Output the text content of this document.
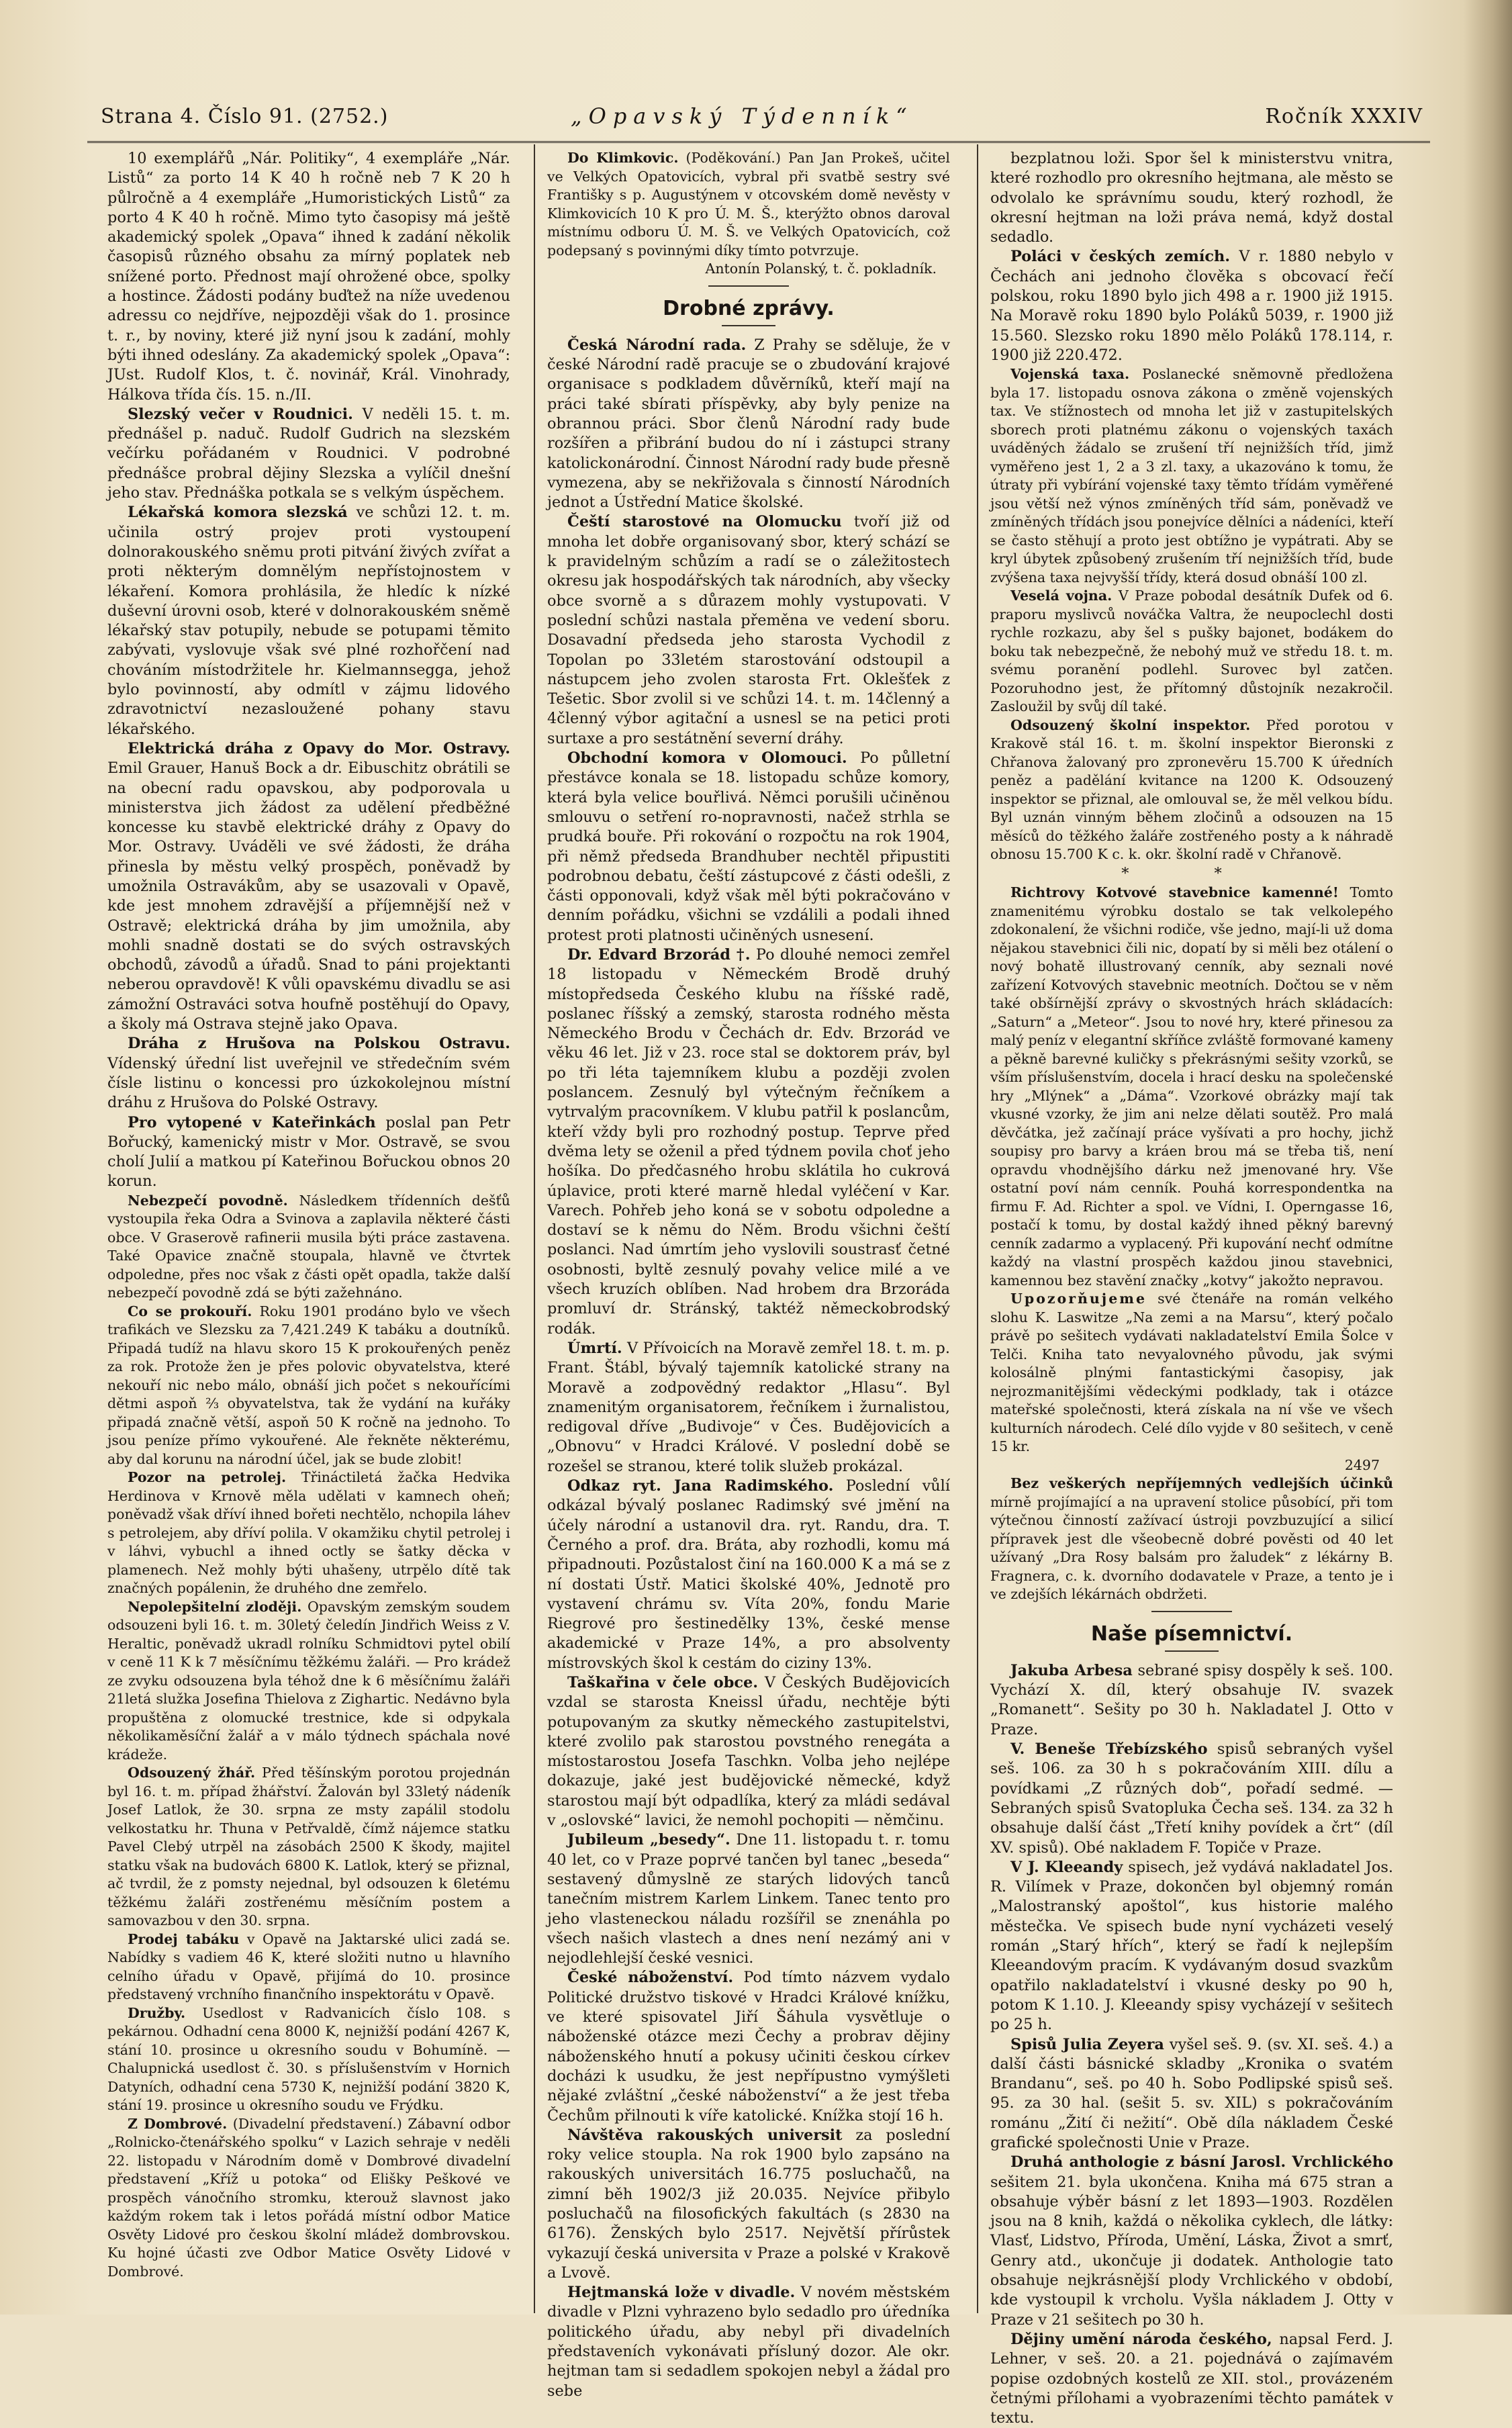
Strana 4. Číslo 91. (2752.)	„Opavský Týdenník“	Ročník XXXIV

10 exemplářů „Nár. Politiky“, 4 exempláře „Nár. Listů“ za porto 14 K 40 h ročně neb 7 K 20 h půlročně a 4 exempláře „Humoristických Listů“ za porto 4 K 40 h ročně. Mimo tyto časopisy má ještě akademický spolek „Opava“ ihned k zadání několik časopisů různého obsahu za mírný poplatek neb snížené porto. Přednost mají ohrožené obce, spolky a hostince. Žádosti podány buďtež na níže uvedenou adressu co nejdříve, nejpozději však do 1. prosince t. r., by noviny, které již nyní jsou k zadání, mohly býti ihned odeslány. Za akademický spolek „Opava“: JUst. Rudolf Klos, t. č. novinář, Král. Vinohrady, Hálkova třída čís. 15. n./II.

Slezský večer v Roudnici. V neděli 15. t. m. přednášel p. naduč. Rudolf Gudrich na slezském večírku pořádaném v Roudnici. V podrobné přednášce probral dějiny Slezska a vylíčil dnešní jeho stav. Přednáška potkala se s velkým úspěchem.

Lékařská komora slezská ve schůzi 12. t. m. učinila ostrý projev proti vystoupení dolnorakouského sněmu proti pitvání živých zvířat a proti některým domnělým nepřístojnostem v lékaření. Komora prohlásila, že hledíc k nízké duševní úrovni osob, které v dolnorakouském sněmě lékařský stav potupily, nebude se potupami těmito zabývati, vyslovuje však své plné rozhořčení nad chováním místodržitele hr. Kielmannsegga, jehož bylo povinností, aby odmítl v zájmu lidového zdravotnictví nezasloužené pohany stavu lékařského.

Elektrická dráha z Opavy do Mor. Ostravy. Emil Grauer, Hanuš Bock a dr. Eibuschitz obrátili se na obecní radu opavskou, aby podporovala u ministerstva jich žádost za udělení předběžné koncesse ku stavbě elektrické dráhy z Opavy do Mor. Ostravy. Uváděli ve své žádosti, že dráha přinesla by městu velký prospěch, poněvadž by umožnila Ostravákům, aby se usazovali v Opavě, kde jest mnohem zdravější a příjemnější než v Ostravě; elektrická dráha by jim umožnila, aby mohli snadně dostati se do svých ostravských obchodů, závodů a úřadů. Snad to páni projektanti neberou opravdově! K vůli opavskému divadlu se asi zámožní Ostraváci sotva houfně postěhují do Opavy, a školy má Ostrava stejně jako Opava.

Dráha z Hrušova na Polskou Ostravu. Vídenský úřední list uveřejnil ve středečním svém čísle listinu o koncessi pro úzkokolejnou místní dráhu z Hrušova do Polské Ostravy.

Pro vytopené v Kateřinkách poslal pan Petr Bořucký, kamenický mistr v Mor. Ostravě, se svou cholí Julií a matkou pí Kateřinou Bořuckou obnos 20 korun.

Nebezpečí povodně. Následkem třídenních dešťů vystoupila řeka Odra a Svinova a zaplavila některé části obce. V Graserově rafinerii musila býti práce zastavena. Také Opavice značně stoupala, hlavně ve čtvrtek odpoledne, přes noc však z části opět opadla, takže další nebezpečí povodně zdá se býti zažehnáno.

Co se prokouří. Roku 1901 prodáno bylo ve všech trafikách ve Slezsku za 7,421.249 K tabáku a doutníků. Připadá tudíž na hlavu skoro 15 K prokouřených peněz za rok. Protože žen je přes polovic obyvatelstva, které nekouří nic nebo málo, obnáší jich počet s nekouřícími dětmi aspoň ⅔ obyvatelstva, tak že vydání na kuřáky připadá značně větší, aspoň 50 K ročně na jednoho. To jsou peníze přímo vykouřené. Ale řekněte některému, aby dal korunu na národní účel, jak se bude zlobit!

Pozor na petrolej. Třináctiletá žačka Hedvika Herdinova v Krnově měla udělati v kamnech oheň; poněvadž však dříví ihned bořeti nechtělo, nchopila láhev s petrolejem, aby dříví polila. V okamžiku chytil petrolej i v láhvi, vybuchl a ihned octly se šatky děcka v plamenech. Než mohly býti uhašeny, utrpělo dítě tak značných popálenin, že druhého dne zemřelo.

Nepolepšitelní zloději. Opavským zemským soudem odsouzeni byli 16. t. m. 30letý čeledín Jindřich Weiss z V. Heraltic, poněvadž ukradl rolníku Schmidtovi pytel obilí v ceně 11 K k 7 měsíčnímu těžkému žaláři. — Pro krádež ze zvyku odsouzena byla téhož dne k 6 měsíčnímu žaláři 21letá služka Josefina Thielova z Zighartic. Nedávno byla propuštěna z olomucké trestnice, kde si odpykala několikaměsíční žalář a v málo týdnech spáchala nové krádeže.

Odsouzený žhář. Před těšínským porotou projednán byl 16. t. m. případ žhářství. Žalován byl 33letý nádeník Josef Latlok, že 30. srpna ze msty zapálil stodolu velkostatku hr. Thuna v Petřvaldě, čímž nájemce statku Pavel Clebý utrpěl na zásobách 2500 K škody, majitel statku však na budovách 6800 K. Latlok, který se přiznal, ač tvrdil, že z pomsty nejednal, byl odsouzen k 6letému těžkému žaláři zostřenému měsíčním postem a samovazbou v den 30. srpna.

Prodej tabáku v Opavě na Jaktarské ulici zadá se. Nabídky s vadiem 46 K, které složiti nutno u hlavního celního úřadu v Opavě, přijímá do 10. prosince představený vrchního finančního inspektorátu v Opavě.

Družby. Usedlost v Radvanicích číslo 108. s pekárnou. Odhadní cena 8000 K, nejnižší podání 4267 K, stání 10. prosince u okresního soudu v Bohumíně. — Chalupnická usedlost č. 30. s příslušenstvím v Hornich Datyních, odhadní cena 5730 K, nejnižší podání 3820 K, stání 19. prosince u okresního soudu ve Frýdku.

Z Dombrové. (Divadelní představení.) Zábavní odbor „Rolnicko-čtenářského spolku“ v Lazich sehraje v neděli 22. listopadu v Národním domě v Dombrové divadelní představení „Kříž u potoka“ od Elišky Peškové ve prospěch vánočního stromku, kterouž slavnost jako každým rokem tak i letos pořádá místní odbor Matice Osvěty Lidové pro českou školní mládež dombrovskou. Ku hojné účasti zve Odbor Matice Osvěty Lidové v Dombrové.

Do Klimkovic. (Poděkování.) Pan Jan Prokeš, učitel ve Velkých Opatovicích, vybral při svatbě sestry své Františky s p. Augustýnem v otcovském domě nevěsty v Klimkovicích 10 K pro Ú. M. Š., kterýžto obnos daroval místnímu odboru Ú. M. Š. ve Velkých Opatovicích, což podepsaný s povinnými díky tímto potvrzuje.

Antonín Polanský, t. č. pokladník.

Drobné zprávy.

Česká Národní rada. Z Prahy se sděluje, že v české Národní radě pracuje se o zbudování krajové organisace s podkladem důvěrníků, kteří mají na práci také sbírati příspěvky, aby byly penize na obrannou práci. Sbor členů Národní rady bude rozšířen a přibrání budou do ní i zástupci strany katolickonárodní. Činnost Národní rady bude přesně vymezena, aby se nekřižovala s činností Národních jednot a Ústřední Matice školské.

Čeští starostové na Olomucku tvoří již od mnoha let dobře organisovaný sbor, který schází se k pravidelným schůzím a radí se o záležitostech okresu jak hospodářských tak národních, aby všecky obce svorně a s důrazem mohly vystupovati. V poslední schůzi nastala přeměna ve vedení sboru. Dosavadní předseda jeho starosta Vychodil z Topolan po 33letém starostování odstoupil a nástupcem jeho zvolen starosta Frt. Oklešťek z Tešetic. Sbor zvolil si ve schůzi 14. t. m. 14členný a 4členný výbor agitační a usnesl se na petici proti surtaxe a pro sestátnění severní dráhy.

Obchodní komora v Olomouci. Po půlletní přestávce konala se 18. listopadu schůze komory, která byla velice bouřlivá. Němci porušili učiněnou smlouvu o setření ro-nopravnosti, načež strhla se prudká bouře. Při rokování o rozpočtu na rok 1904, při němž předseda Brandhuber nechtěl připustiti podrobnou debatu, čeští zástupcové z části odešli, z části opponovali, když však měl býti pokračováno v denním pořádku, všichni se vzdálili a podali ihned protest proti platnosti učiněných usnesení.

Dr. Edvard Brzorád †. Po dlouhé nemoci zemřel 18 listopadu v Německém Brodě druhý místopředseda Českého klubu na říšské radě, poslanec říšský a zemský, starosta rodného města Německého Brodu v Čechách dr. Edv. Brzorád ve věku 46 let. Již v 23. roce stal se doktorem práv, byl po tři léta tajemníkem klubu a později zvolen poslancem. Zesnulý byl výtečným řečníkem a vytrvalým pracovníkem. V klubu patřil k poslancům, kteří vždy byli pro rozhodný postup. Teprve před dvěma lety se oženil a před týdnem povila choť jeho hošíka. Do předčasného hrobu sklátila ho cukrová úplavice, proti které marně hledal vyléčení v Kar. Varech. Pohřeb jeho koná se v sobotu odpoledne a dostaví se k němu do Něm. Brodu všichni čeští poslanci. Nad úmrtím jeho vyslovili soustrasť četné osobnosti, byltě zesnulý povahy velice milé a ve všech kruzích oblíben. Nad hrobem dra Brzoráda promluví dr. Stránský, taktéž německobrodský rodák.

Úmrtí. V Přívoicích na Moravě zemřel 18. t. m. p. Frant. Štábl, bývalý tajemník katolické strany na Moravě a zodpovědný redaktor „Hlasu“. Byl znamenitým organisatorem, řečníkem i žurnalistou, redigoval dříve „Budivoje“ v Čes. Budějovicích a „Obnovu“ v Hradci Králové. V poslední době se rozešel se stranou, které tolik služeb prokázal.

Odkaz ryt. Jana Radimského. Poslední vůlí odkázal bývalý poslanec Radimský své jmění na účely národní a ustanovil dra. ryt. Randu, dra. T. Černého a prof. dra. Bráta, aby rozhodli, komu má připadnouti. Pozůstalost činí na 160.000 K a má se z ní dostati Ústř. Matici školské 40%, Jednotě pro vystavení chrámu sv. Víta 20%, fondu Marie Riegrové pro šestinedělky 13%, české mense akademické v Praze 14%, a pro absolventy místrovských škol k cestám do ciziny 13%.

Taškařina v čele obce. V Českých Budějovicích vzdal se starosta Kneissl úřadu, nechtěje býti potupovaným za skutky německého zastupitelstvi, které zvolilo pak starostou povstného renegáta a místostarostou Josefa Taschkn. Volba jeho nejlépe dokazuje, jaké jest budějovické německé, když starostou mají být odpadlíka, který za mládi sedával v „oslovské“ lavici, že nemohl pochopiti — němčinu.

Jubileum „besedy“. Dne 11. listopadu t. r. tomu 40 let, co v Praze poprvé tančen byl tanec „beseda“ sestavený důmyslně ze starých lidových tanců tanečním mistrem Karlem Linkem. Tanec tento pro jeho vlasteneckou náladu rozšířil se znenáhla po všech našich vlastech a dnes není nezámý ani v nejodlehlejší české vesnici.

České náboženství. Pod tímto názvem vydalo Politické družstvo tiskové v Hradci Králové knížku, ve které spisovatel Jiří Šáhula vysvětluje o náboženské otázce mezi Čechy a probrav dějiny náboženského hnutí a pokusy učiniti českou církev docházi k usudku, že jest nepřípustno vymýšleti nějaké zvláštní „české náboženství“ a že jest třeba Čechům přilnouti k víře katolické. Knížka stojí 16 h.

Návštěva rakouských universit za poslední roky velice stoupla. Na rok 1900 bylo zapsáno na rakouských universitách 16.775 posluchačů, na zimní běh 1902/3 již 20.035. Nejvíce přibylo posluchačů na filosofických fakultách (s 2830 na 6176). Ženských bylo 2517. Největší přírůstek vykazují česká universita v Praze a polské v Krakově a Lvově.

Hejtmanská lože v divadle. V novém městském divadle v Plzni vyhrazeno bylo sedadlo pro úředníka politického úřadu, aby nebyl při divadelních představeních vykonávati přísluný dozor. Ale okr. hejtman tam si sedadlem spokojen nebyl a žádal pro sebe

bezplatnou loži. Spor šel k ministerstvu vnitra, které rozhodlo pro okresního hejtmana, ale město se odvolalo ke správnímu soudu, který rozhodl, že okresní hejtman na loži práva nemá, když dostal sedadlo.

Poláci v českých zemích. V r. 1880 nebylo v Čechách ani jednoho člověka s obcovací řečí polskou, roku 1890 bylo jich 498 a r. 1900 již 1915. Na Moravě roku 1890 bylo Poláků 5039, r. 1900 již 15.560. Slezsko roku 1890 mělo Poláků 178.114, r. 1900 již 220.472.

Vojenská taxa. Poslanecké sněmovně předložena byla 17. listopadu osnova zákona o změně vojenských tax. Ve stížnostech od mnoha let již v zastupitelských sborech proti platnému zákonu o vojenských taxách uváděných žádalo se zrušení tří nejnižších tříd, jimž vyměřeno jest 1, 2 a 3 zl. taxy, a ukazováno k tomu, že útraty při vybírání vojenské taxy těmto třídám vyměřené jsou větší než výnos zmíněných tříd sám, poněvadž ve zmíněných třídách jsou ponejvíce dělníci a nádeníci, kteří se často stěhují a proto jest obtížno je vypátrati. Aby se kryl úbytek způsobený zrušením tří nejnižších tříd, bude zvýšena taxa nejvyšší třídy, která dosud obnáší 100 zl.

Veselá vojna. V Praze pobodal desátník Dufek od 6. praporu myslivců nováčka Valtra, že neupoclechl dosti rychle rozkazu, aby šel s pušky bajonet, bodákem do boku tak nebezpečně, že nebohý muž ve středu 18. t. m. svému poranění podlehl. Surovec byl zatčen. Pozoruhodno jest, že přítomný důstojník nezakročil. Zasloužil by svůj díl také.

Odsouzený školní inspektor. Před porotou v Krakově stál 16. t. m. školní inspektor Bieronski z Chřanova žalovaný pro zpronevěru 15.700 K úředních peněz a padělání kvitance na 1200 K. Odsouzený inspektor se přiznal, ale omlouval se, že měl velkou bídu. Byl uznán vinným během zločinů a odsouzen na 15 měsíců do těžkého žaláře zostřeného posty a k náhradě obnosu 15.700 K c. k. okr. školní radě v Chřanově.

* *

Richtrovy Kotvové stavebnice kamenné! Tomto znamenitému výrobku dostalo se tak velkolepého zdokonalení, že všichni rodiče, vše jedno, mají-li už doma nějakou stavebnici čili nic, dopatí by si měli bez otálení o nový bohatě illustrovaný cenník, aby seznali nové zařízení Kotvových stavebnic meotních. Dočtou se v něm také obšírnější zprávy o skvostných hrách skládacích: „Saturn“ a „Meteor“. Jsou to nové hry, které přinesou za malý peníz v elegantní skříňce zvláště formované kameny a pěkně barevné kuličky s překrásnými sešity vzorků, se vším příslušenstvím, docela i hrací desku na společenské hry „Mlýnek“ a „Dáma“. Vzorkové obrázky mají tak vkusné vzorky, že jim ani nelze dělati soutěž. Pro malá děvčátka, jež začínají práce vyšívati a pro hochy, jichž soupisy pro barvy a kráen brou má se třeba tiš, není opravdu vhodnějšího dárku než jmenované hry. Vše ostatní poví nám cenník. Pouhá korrespondentka na firmu F. Ad. Richter a spol. ve Vídni, I. Operngasse 16, postačí k tomu, by dostal každý ihned pěkný barevný cenník zadarmo a vyplacený. Při kupování nechť odmítne každý na vlastní prospěch každou jinou stavebnici, kamennou bez stavění značky „kotvy“ jakožto nepravou.

Upozorňujeme své čtenáře na román velkého slohu K. Laswitze „Na zemi a na Marsu“, který počalo právě po sešitech vydávati nakladatelství Emila Šolce v Telči. Kniha tato nevyalovného původu, jak svými kolosálně plnými fantastickými časopisy, jak nejrozmanitějšími vědeckými podklady, tak i otázce mateřské společnosti, která získala na ní vše ve všech kulturních národech. Celé dílo vyjde v 80 sešitech, v ceně 15 kr.

2497

Bez veškerých nepříjemných vedlejších účinků mírně projímající a na upravení stolice působící, při tom výtečnou činností zažívací ústroji povzbuzující a silicí přípravek jest dle všeobecně dobré pověsti od 40 let užívaný „Dra Rosy balsám pro žaludek“ z lékárny B. Fragnera, c. k. dvorního dodavatele v Praze, a tento je i ve zdejších lékárnách obdržeti.

Naše písemnictví.

Jakuba Arbesa sebrané spisy dospěly k seš. 100. Vychází X. díl, který obsahuje IV. svazek „Romanett“. Sešity po 30 h. Nakladatel J. Otto v Praze.

V. Beneše Třebízského spisů sebraných vyšel seš. 106. za 30 h s pokračováním XIII. dílu a povídkami „Z různých dob“, pořadí sedmé. — Sebraných spisů Svatopluka Čecha seš. 134. za 32 h obsahuje další část „Třetí knihy povídek a črt“ (díl XV. spisů). Obé nakladem F. Topiče v Praze.

V J. Kleeandy spisech, jež vydává nakladatel Jos. R. Vilímek v Praze, dokončen byl objemný román „Malostranský apoštol“, kus historie malého městečka. Ve spisech bude nyní vycházeti veselý román „Starý hřích“, který se řadí k nejlepším Kleeandovým pracím. K vydávaným dosud svazkům opatřilo nakladatelství i vkusné desky po 90 h, potom K 1.10. J. Kleeandy spisy vycházejí v sešitech po 25 h.

Spisů Julia Zeyera vyšel seš. 9. (sv. XI. seš. 4.) a další části básnické skladby „Kronika o svatém Brandanu“, seš. po 40 h. Sobo Podlipské spisů seš. 95. za 30 hal. (sešit 5. sv. XIL) s pokračováním románu „Žití či nežití“. Obě díla nákladem České grafické společnosti Unie v Praze.

Druhá anthologie z básní Jarosl. Vrchlického sešitem 21. byla ukončena. Kniha má 675 stran a obsahuje výběr básní z let 1893—1903. Rozdělen jsou na 8 knih, každá o několika cyklech, dle látky: Vlasť, Lidstvo, Příroda, Umění, Láska, Život a smrť, Genry atd., ukončuje ji dodatek. Anthologie tato obsahuje nejkrásnější plody Vrchlického v období, kde vystoupil k vrcholu. Vyšla nákladem J. Otty v Praze v 21 sešitech po 30 h.

Dějiny umění národa českého, napsal Ferd. J. Lehner, v seš. 20. a 21. pojednává o zajímavém popise ozdobných kostelů ze XII. stol., provázeném četnými přílohami a vyobrazeními těchto památek v textu.
